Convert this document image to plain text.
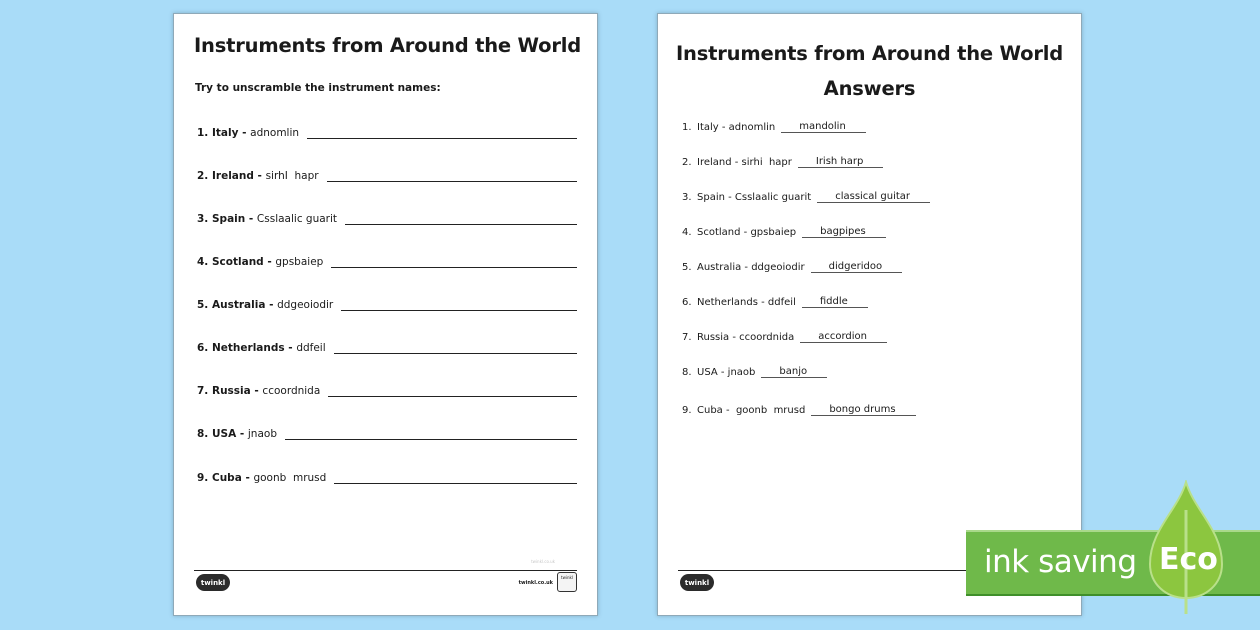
Instruments from Around the World
Try to unscramble the instrument names:
1. Italy - adnomlin
2. Ireland - sirhI  hapr
3. Spain - Csslaalic guarit
4. Scotland - gpsbaiep
5. Australia - ddgeoiodir
6. Netherlands - ddfeil
7. Russia - ccoordnida
8. USA - jnaob
9. Cuba - goonb  mrusd
twinkl.co.uk
twinkl	twinkl.co.uk
twinkl
Instruments from Around the World
Answers
1. Italy - adnomlin	mandolin
2. Ireland - sirhi  hapr	Irish harp
3. Spain - Csslaalic guarit	classical guitar
4. Scotland - gpsbaiep	bagpipes
5. Australia - ddgeoiodir	didgeridoo
6. Netherlands - ddfeil	fiddle
7. Russia - ccoordnida	accordion
8. USA - jnaob	banjo
9. Cuba -  goonb  mrusd	bongo drums
twinkl
ink saving Eco
